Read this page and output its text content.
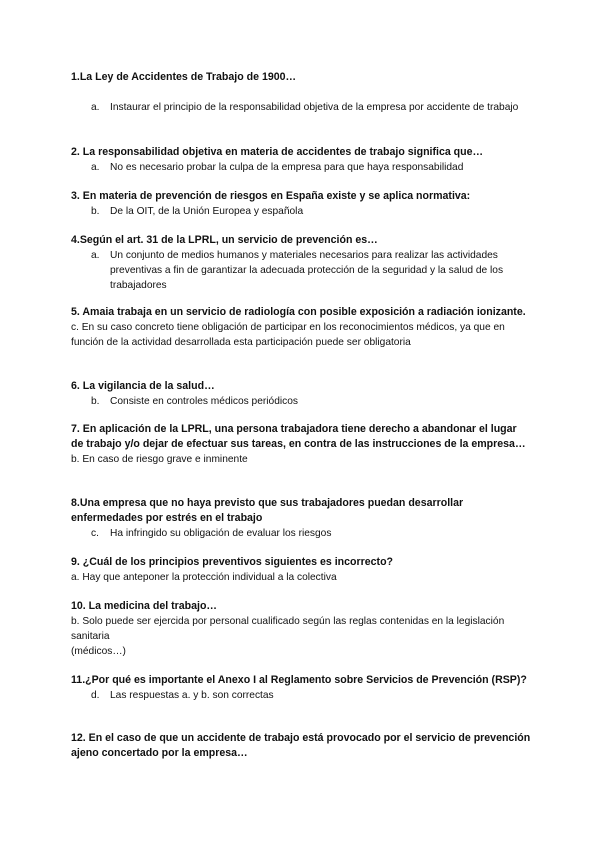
1.La Ley de Accidentes de Trabajo de 1900…

a.	Instaurar el principio de la responsabilidad objetiva de la empresa por accidente de trabajo

2. La responsabilidad objetiva en materia de accidentes de trabajo significa que…

a.	No es necesario probar la culpa de la empresa para que haya responsabilidad

3. En materia de prevención de riesgos en España existe y se aplica normativa:

b.	De la OIT, de la Unión Europea y española

4.Según el art. 31 de la LPRL, un servicio de prevención es…

a.	Un conjunto de medios humanos y materiales necesarios para realizar las actividades preventivas a fin de garantizar la adecuada protección de la seguridad y la salud de los trabajadores

5. Amaia trabaja en un servicio de radiología con posible exposición a radiación ionizante.

c. En su caso concreto tiene obligación de participar en los reconocimientos médicos, ya que en función de la actividad desarrollada esta participación puede ser obligatoria

6. La vigilancia de la salud…

b.	Consiste en controles médicos periódicos

7. En aplicación de la LPRL, una persona trabajadora tiene derecho a abandonar el lugar de trabajo y/o dejar de efectuar sus tareas, en contra de las instrucciones de la empresa…

b. En caso de riesgo grave e inminente

8.Una empresa que no haya previsto que sus trabajadores puedan desarrollar enfermedades por estrés en el trabajo

c.	Ha infringido su obligación de evaluar los riesgos

9. ¿Cuál de los principios preventivos siguientes es incorrecto?

a. Hay que anteponer la protección individual a la colectiva

10. La medicina del trabajo…

b. Solo puede ser ejercida por personal cualificado según las reglas contenidas en la legislación sanitaria

(médicos…)

11.¿Por qué es importante el Anexo I al Reglamento sobre Servicios de Prevención (RSP)?

d.	Las respuestas a. y b. son correctas

12. En el caso de que un accidente de trabajo está provocado por el servicio de prevención ajeno concertado por la empresa…
